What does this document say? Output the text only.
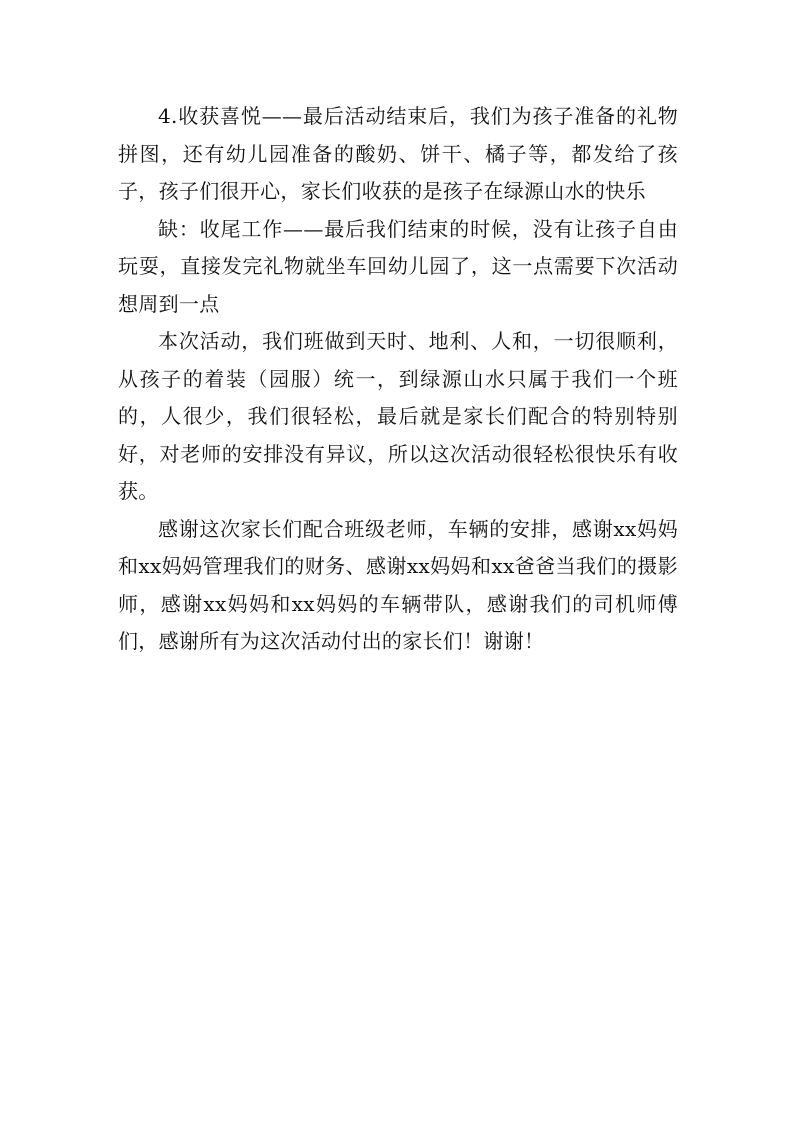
4.收获喜悦——最后活动结束后，我们为孩子准备的礼物拼图，还有幼儿园准备的酸奶、饼干、橘子等，都发给了孩子，孩子们很开心，家长们收获的是孩子在绿源山水的快乐

缺：收尾工作——最后我们结束的时候，没有让孩子自由玩耍，直接发完礼物就坐车回幼儿园了，这一点需要下次活动想周到一点

本次活动，我们班做到天时、地利、人和，一切很顺利，从孩子的着装（园服）统一，到绿源山水只属于我们一个班的，人很少，我们很轻松，最后就是家长们配合的特别特别好，对老师的安排没有异议，所以这次活动很轻松很快乐有收获。

感谢这次家长们配合班级老师，车辆的安排，感谢xx妈妈和xx妈妈管理我们的财务、感谢xx妈妈和xx爸爸当我们的摄影师，感谢xx妈妈和xx妈妈的车辆带队，感谢我们的司机师傅们，感谢所有为这次活动付出的家长们！谢谢！
